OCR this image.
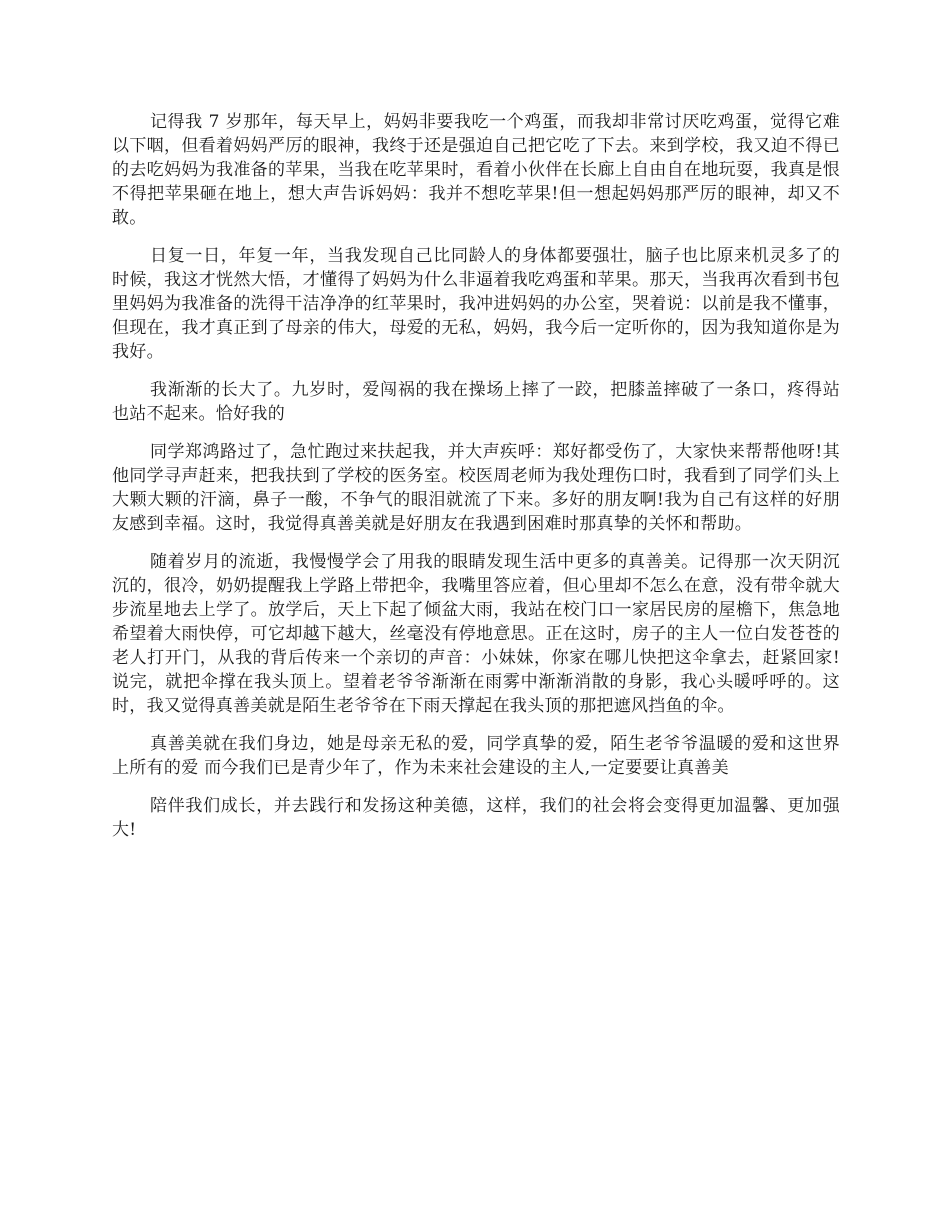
记得我 7 岁那年，每天早上，妈妈非要我吃一个鸡蛋，而我却非常讨厌吃鸡蛋，觉得它难以下咽，但看着妈妈严厉的眼神，我终于还是强迫自己把它吃了下去。来到学校，我又迫不得已的去吃妈妈为我准备的苹果，当我在吃苹果时，看着小伙伴在长廊上自由自在地玩耍，我真是恨不得把苹果砸在地上，想大声告诉妈妈：我并不想吃苹果!但一想起妈妈那严厉的眼神，却又不敢。

日复一日，年复一年，当我发现自己比同龄人的身体都要强壮，脑子也比原来机灵多了的时候，我这才恍然大悟，才懂得了妈妈为什么非逼着我吃鸡蛋和苹果。那天，当我再次看到书包里妈妈为我准备的洗得干洁净净的红苹果时，我冲进妈妈的办公室，哭着说：以前是我不懂事，但现在，我才真正到了母亲的伟大，母爱的无私，妈妈，我今后一定听你的，因为我知道你是为我好。

我渐渐的长大了。九岁时，爱闯祸的我在操场上摔了一跤，把膝盖摔破了一条口，疼得站也站不起来。恰好我的

同学郑鸿路过了，急忙跑过来扶起我，并大声疾呼：郑好都受伤了，大家快来帮帮他呀!其他同学寻声赶来，把我扶到了学校的医务室。校医周老师为我处理伤口时，我看到了同学们头上大颗大颗的汗滴，鼻子一酸，不争气的眼泪就流了下来。多好的朋友啊!我为自己有这样的好朋友感到幸福。这时，我觉得真善美就是好朋友在我遇到困难时那真挚的关怀和帮助。

随着岁月的流逝，我慢慢学会了用我的眼睛发现生活中更多的真善美。记得那一次天阴沉沉的，很冷，奶奶提醒我上学路上带把伞，我嘴里答应着，但心里却不怎么在意，没有带伞就大步流星地去上学了。放学后，天上下起了倾盆大雨，我站在校门口一家居民房的屋檐下，焦急地希望着大雨快停，可它却越下越大，丝毫没有停地意思。正在这时，房子的主人一位白发苍苍的老人打开门，从我的背后传来一个亲切的声音：小妹妹，你家在哪儿快把这伞拿去，赶紧回家!说完，就把伞撑在我头顶上。望着老爷爷渐渐在雨雾中渐渐消散的身影，我心头暖呼呼的。这时，我又觉得真善美就是陌生老爷爷在下雨天撑起在我头顶的那把遮风挡鱼的伞。

真善美就在我们身边，她是母亲无私的爱，同学真挚的爱，陌生老爷爷温暖的爱和这世界上所有的爱 而今我们已是青少年了，作为未来社会建设的主人,一定要要让真善美

陪伴我们成长，并去践行和发扬这种美德，这样，我们的社会将会变得更加温馨、更加强大!
